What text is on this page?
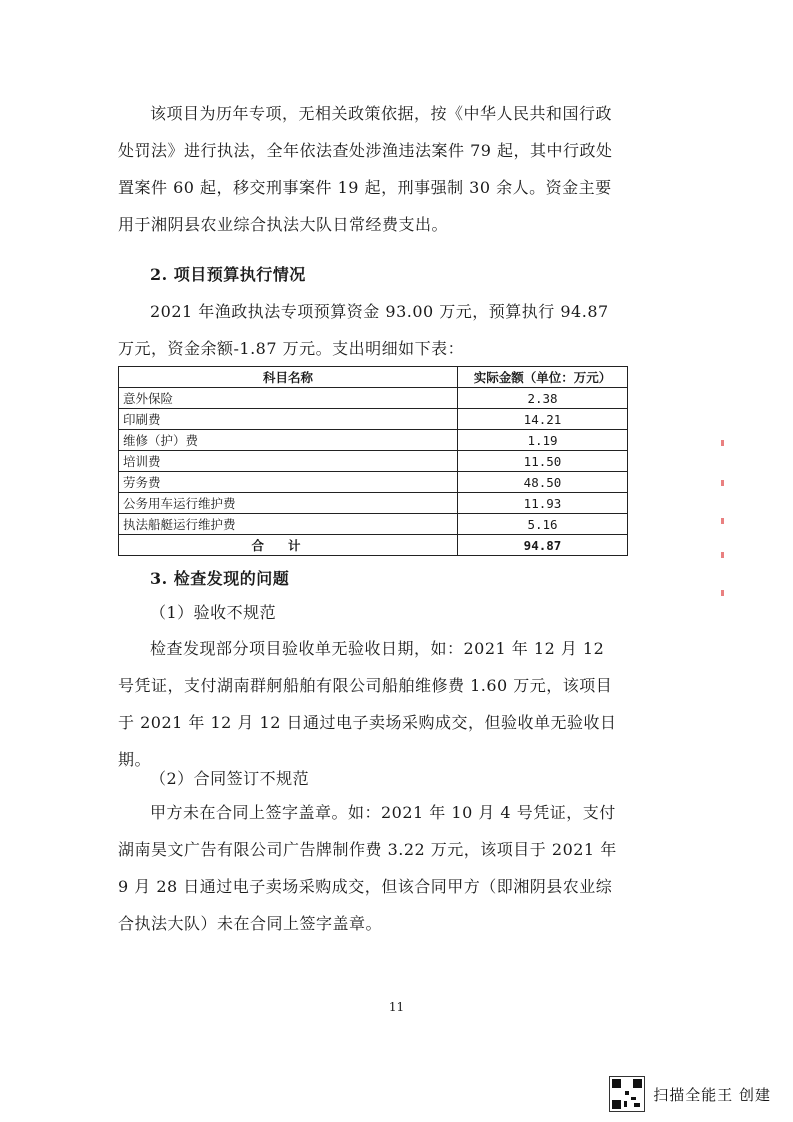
该项目为历年专项，无相关政策依据，按《中华人民共和国行政处罚法》进行执法，全年依法查处涉渔违法案件 79 起，其中行政处置案件 60 起，移交刑事案件 19 起，刑事强制 30 余人。资金主要用于湘阴县农业综合执法大队日常经费支出。

2. 项目预算执行情况

2021 年渔政执法专项预算资金 93.00 万元，预算执行 94.87 万元，资金余额-1.87 万元。支出明细如下表：

科目名称	实际金额（单位：万元）
意外保险	2.38
印刷费	14.21
维修（护）费	1.19
培训费	11.50
劳务费	48.50
公务用车运行维护费	11.93
执法船艇运行维护费	5.16
合计	94.87

3. 检查发现的问题

（1）验收不规范

检查发现部分项目验收单无验收日期，如：2021 年 12 月 12 号凭证，支付湖南群舸船舶有限公司船舶维修费 1.60 万元，该项目于 2021 年 12 月 12 日通过电子卖场采购成交，但验收单无验收日期。

（2）合同签订不规范

甲方未在合同上签字盖章。如：2021 年 10 月 4 号凭证，支付湖南昊文广告有限公司广告牌制作费 3.22 万元，该项目于 2021 年 9 月 28 日通过电子卖场采购成交，但该合同甲方（即湘阴县农业综合执法大队）未在合同上签字盖章。

11
扫描全能王 创建
